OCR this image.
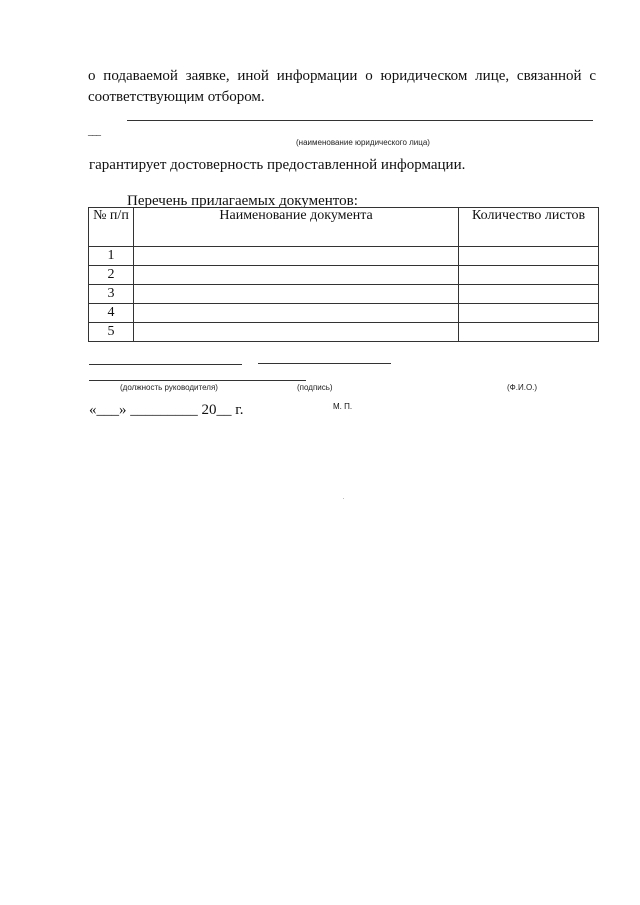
о подаваемой заявке, иной информации о юридическом лице, связанной с соответствующим отбором.
___
(наименование юридического лица)
гарантирует достоверность предоставленной информации.
Перечень прилагаемых документов:
№ п/п	Наименование документа	Количество листов
1		
2		
3		
4		
5		
(должность руководителя)	(подпись)	(Ф.И.О.)
«___» _________ 20__ г.	М. П.
